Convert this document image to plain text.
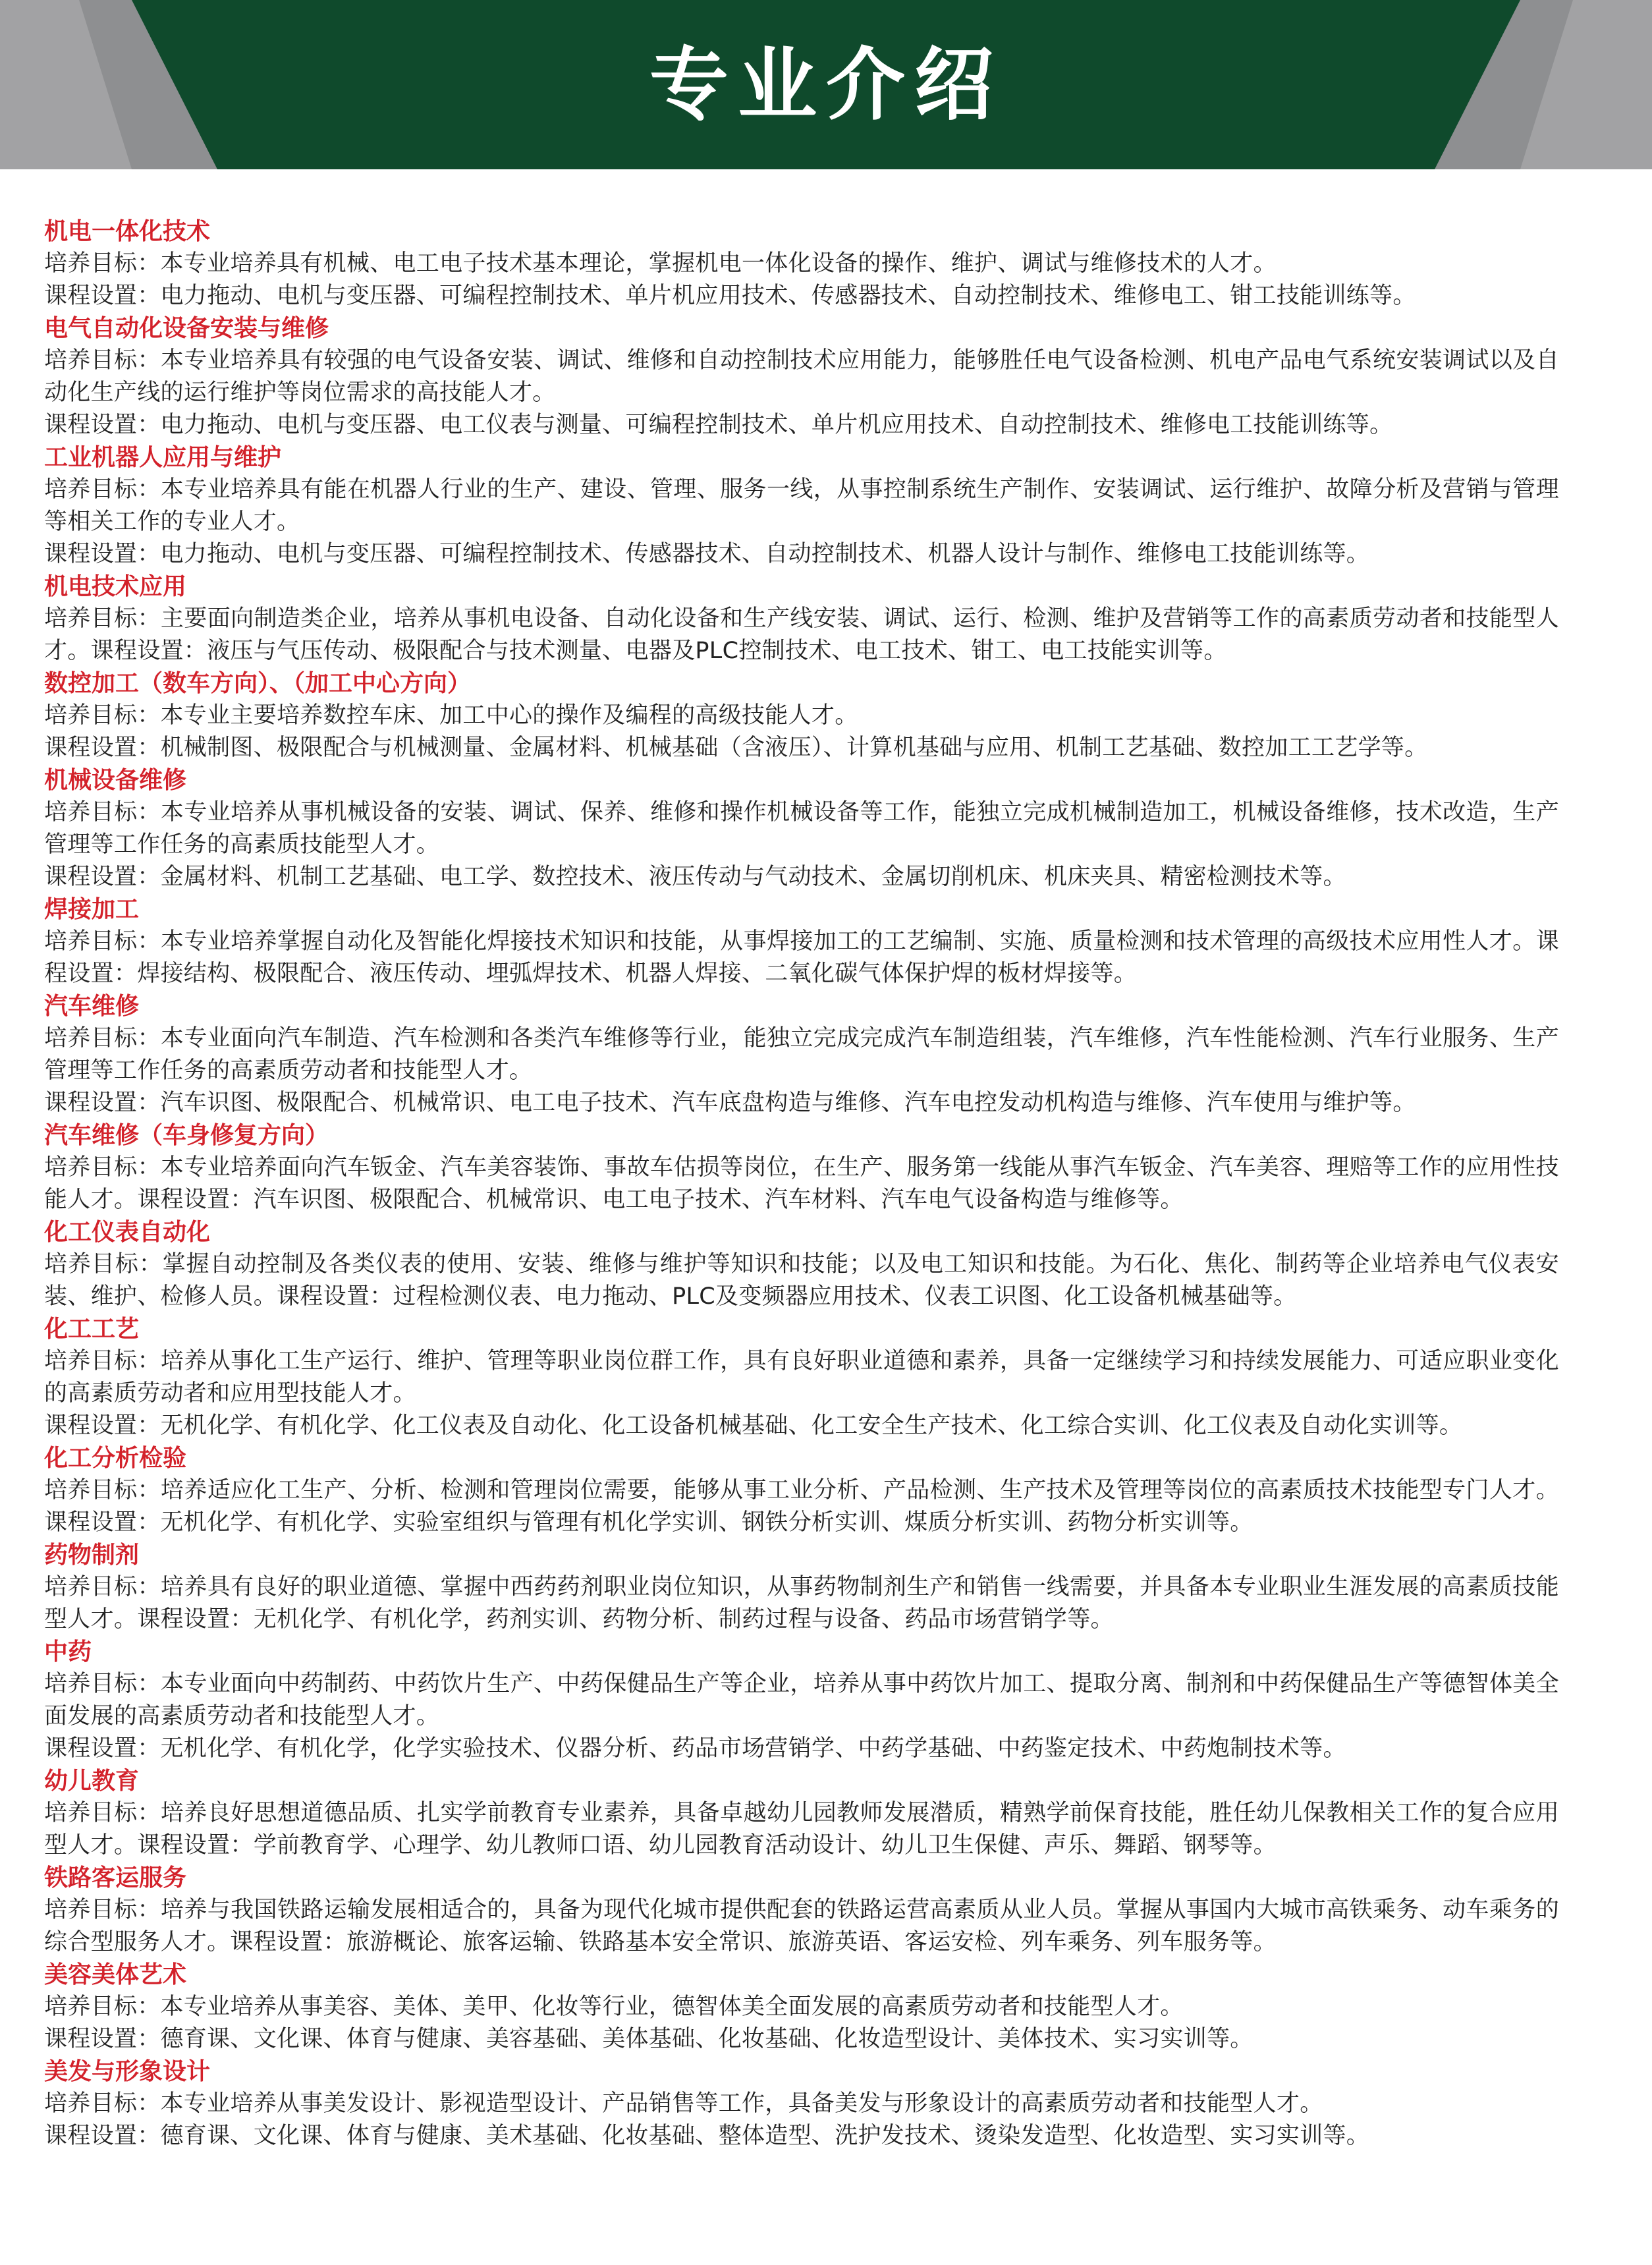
专业介绍
机电一体化技术
培养目标：本专业培养具有机械、电工电子技术基本理论，掌握机电一体化设备的操作、维护、调试与维修技术的人才。
课程设置：电力拖动、电机与变压器、可编程控制技术、单片机应用技术、传感器技术、自动控制技术、维修电工、钳工技能训练等。
电气自动化设备安装与维修
培养目标：本专业培养具有较强的电气设备安装、调试、维修和自动控制技术应用能力，能够胜任电气设备检测、机电产品电气系统安装调试以及自动化生产线的运行维护等岗位需求的高技能人才。
课程设置：电力拖动、电机与变压器、电工仪表与测量、可编程控制技术、单片机应用技术、自动控制技术、维修电工技能训练等。
工业机器人应用与维护
培养目标：本专业培养具有能在机器人行业的生产、建设、管理、服务一线，从事控制系统生产制作、安装调试、运行维护、故障分析及营销与管理等相关工作的专业人才。
课程设置：电力拖动、电机与变压器、可编程控制技术、传感器技术、自动控制技术、机器人设计与制作、维修电工技能训练等。
机电技术应用
培养目标：主要面向制造类企业，培养从事机电设备、自动化设备和生产线安装、调试、运行、检测、维护及营销等工作的高素质劳动者和技能型人才。课程设置：液压与气压传动、极限配合与技术测量、电器及PLC控制技术、电工技术、钳工、电工技能实训等。
数控加工（数车方向）、（加工中心方向）
培养目标：本专业主要培养数控车床、加工中心的操作及编程的高级技能人才。
课程设置：机械制图、极限配合与机械测量、金属材料、机械基础（含液压）、计算机基础与应用、机制工艺基础、数控加工工艺学等。
机械设备维修
培养目标：本专业培养从事机械设备的安装、调试、保养、维修和操作机械设备等工作，能独立完成机械制造加工，机械设备维修，技术改造，生产管理等工作任务的高素质技能型人才。
课程设置：金属材料、机制工艺基础、电工学、数控技术、液压传动与气动技术、金属切削机床、机床夹具、精密检测技术等。
焊接加工
培养目标：本专业培养掌握自动化及智能化焊接技术知识和技能，从事焊接加工的工艺编制、实施、质量检测和技术管理的高级技术应用性人才。课程设置：焊接结构、极限配合、液压传动、埋弧焊技术、机器人焊接、二氧化碳气体保护焊的板材焊接等。
汽车维修
培养目标：本专业面向汽车制造、汽车检测和各类汽车维修等行业，能独立完成完成汽车制造组装，汽车维修，汽车性能检测、汽车行业服务、生产管理等工作任务的高素质劳动者和技能型人才。
课程设置：汽车识图、极限配合、机械常识、电工电子技术、汽车底盘构造与维修、汽车电控发动机构造与维修、汽车使用与维护等。
汽车维修（车身修复方向）
培养目标：本专业培养面向汽车钣金、汽车美容装饰、事故车估损等岗位，在生产、服务第一线能从事汽车钣金、汽车美容、理赔等工作的应用性技能人才。课程设置：汽车识图、极限配合、机械常识、电工电子技术、汽车材料、汽车电气设备构造与维修等。
化工仪表自动化
培养目标：掌握自动控制及各类仪表的使用、安装、维修与维护等知识和技能；以及电工知识和技能。为石化、焦化、制药等企业培养电气仪表安装、维护、检修人员。课程设置：过程检测仪表、电力拖动、PLC及变频器应用技术、仪表工识图、化工设备机械基础等。
化工工艺
培养目标：培养从事化工生产运行、维护、管理等职业岗位群工作，具有良好职业道德和素养，具备一定继续学习和持续发展能力、可适应职业变化的高素质劳动者和应用型技能人才。
课程设置：无机化学、有机化学、化工仪表及自动化、化工设备机械基础、化工安全生产技术、化工综合实训、化工仪表及自动化实训等。
化工分析检验
培养目标：培养适应化工生产、分析、检测和管理岗位需要，能够从事工业分析、产品检测、生产技术及管理等岗位的高素质技术技能型专门人才。课程设置：无机化学、有机化学、实验室组织与管理有机化学实训、钢铁分析实训、煤质分析实训、药物分析实训等。
药物制剂
培养目标：培养具有良好的职业道德、掌握中西药药剂职业岗位知识，从事药物制剂生产和销售一线需要，并具备本专业职业生涯发展的高素质技能型人才。课程设置：无机化学、有机化学，药剂实训、药物分析、制药过程与设备、药品市场营销学等。
中药
培养目标：本专业面向中药制药、中药饮片生产、中药保健品生产等企业，培养从事中药饮片加工、提取分离、制剂和中药保健品生产等德智体美全面发展的高素质劳动者和技能型人才。
课程设置：无机化学、有机化学，化学实验技术、仪器分析、药品市场营销学、中药学基础、中药鉴定技术、中药炮制技术等。
幼儿教育
培养目标：培养良好思想道德品质、扎实学前教育专业素养，具备卓越幼儿园教师发展潜质，精熟学前保育技能，胜任幼儿保教相关工作的复合应用型人才。课程设置：学前教育学、心理学、幼儿教师口语、幼儿园教育活动设计、幼儿卫生保健、声乐、舞蹈、钢琴等。
铁路客运服务
培养目标：培养与我国铁路运输发展相适合的，具备为现代化城市提供配套的铁路运营高素质从业人员。掌握从事国内大城市高铁乘务、动车乘务的综合型服务人才。课程设置：旅游概论、旅客运输、铁路基本安全常识、旅游英语、客运安检、列车乘务、列车服务等。
美容美体艺术
培养目标：本专业培养从事美容、美体、美甲、化妆等行业，德智体美全面发展的高素质劳动者和技能型人才。
课程设置：德育课、文化课、体育与健康、美容基础、美体基础、化妆基础、化妆造型设计、美体技术、实习实训等。
美发与形象设计
培养目标：本专业培养从事美发设计、影视造型设计、产品销售等工作，具备美发与形象设计的高素质劳动者和技能型人才。
课程设置：德育课、文化课、体育与健康、美术基础、化妆基础、整体造型、洗护发技术、烫染发造型、化妆造型、实习实训等。
